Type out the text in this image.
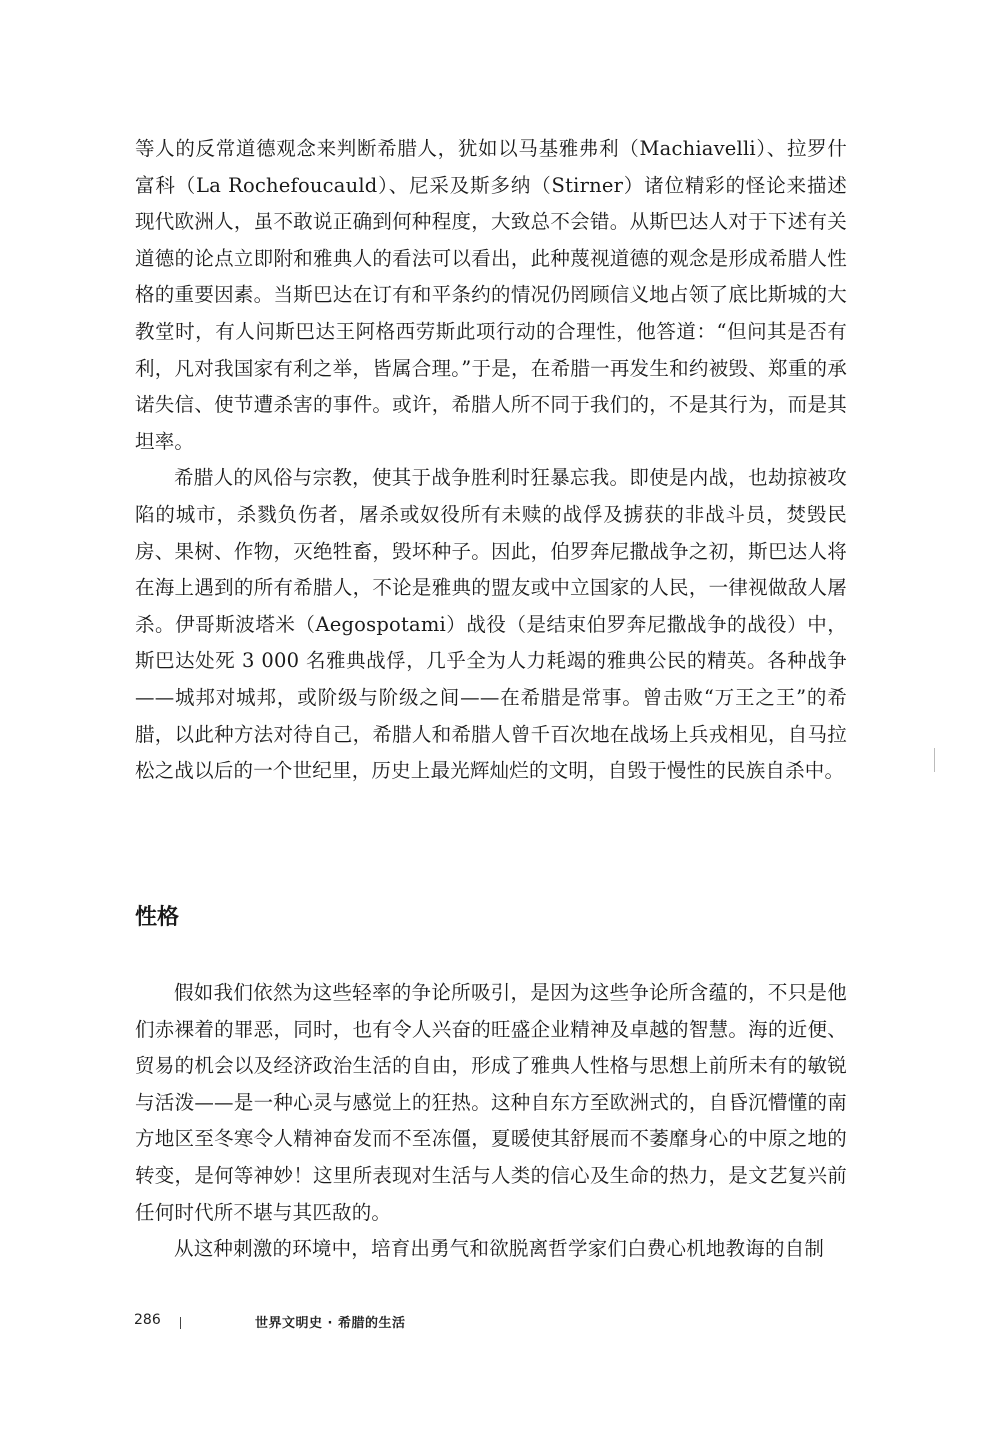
等人的反常道德观念来判断希腊人，犹如以马基雅弗利（Machiavelli）、拉罗什富科（La Rochefoucauld）、尼采及斯多纳（Stirner）诸位精彩的怪论来描述现代欧洲人，虽不敢说正确到何种程度，大致总不会错。从斯巴达人对于下述有关道德的论点立即附和雅典人的看法可以看出，此种蔑视道德的观念是形成希腊人性格的重要因素。当斯巴达在订有和平条约的情况仍罔顾信义地占领了底比斯城的大教堂时，有人问斯巴达王阿格西劳斯此项行动的合理性，他答道：“但问其是否有利，凡对我国家有利之举，皆属合理。”于是，在希腊一再发生和约被毁、郑重的承诺失信、使节遭杀害的事件。或许，希腊人所不同于我们的，不是其行为，而是其坦率。

希腊人的风俗与宗教，使其于战争胜利时狂暴忘我。即使是内战，也劫掠被攻陷的城市，杀戮负伤者，屠杀或奴役所有未赎的战俘及掳获的非战斗员，焚毁民房、果树、作物，灭绝牲畜，毁坏种子。因此，伯罗奔尼撒战争之初，斯巴达人将在海上遇到的所有希腊人，不论是雅典的盟友或中立国家的人民，一律视做敌人屠杀。伊哥斯波塔米（Aegospotami）战役（是结束伯罗奔尼撒战争的战役）中，斯巴达处死 3 000 名雅典战俘，几乎全为人力耗竭的雅典公民的精英。各种战争——城邦对城邦，或阶级与阶级之间——在希腊是常事。曾击败“万王之王”的希腊，以此种方法对待自己，希腊人和希腊人曾千百次地在战场上兵戎相见，自马拉松之战以后的一个世纪里，历史上最光辉灿烂的文明，自毁于慢性的民族自杀中。

性格

假如我们依然为这些轻率的争论所吸引，是因为这些争论所含蕴的，不只是他们赤裸着的罪恶，同时，也有令人兴奋的旺盛企业精神及卓越的智慧。海的近便、贸易的机会以及经济政治生活的自由，形成了雅典人性格与思想上前所未有的敏锐与活泼——是一种心灵与感觉上的狂热。这种自东方至欧洲式的，自昏沉懵懂的南方地区至冬寒令人精神奋发而不至冻僵，夏暖使其舒展而不萎靡身心的中原之地的转变，是何等神妙！这里所表现对生活与人类的信心及生命的热力，是文艺复兴前任何时代所不堪与其匹敌的。

从这种刺激的环境中，培育出勇气和欲脱离哲学家们白费心机地教诲的自制

286	世界文明史 · 希腊的生活
